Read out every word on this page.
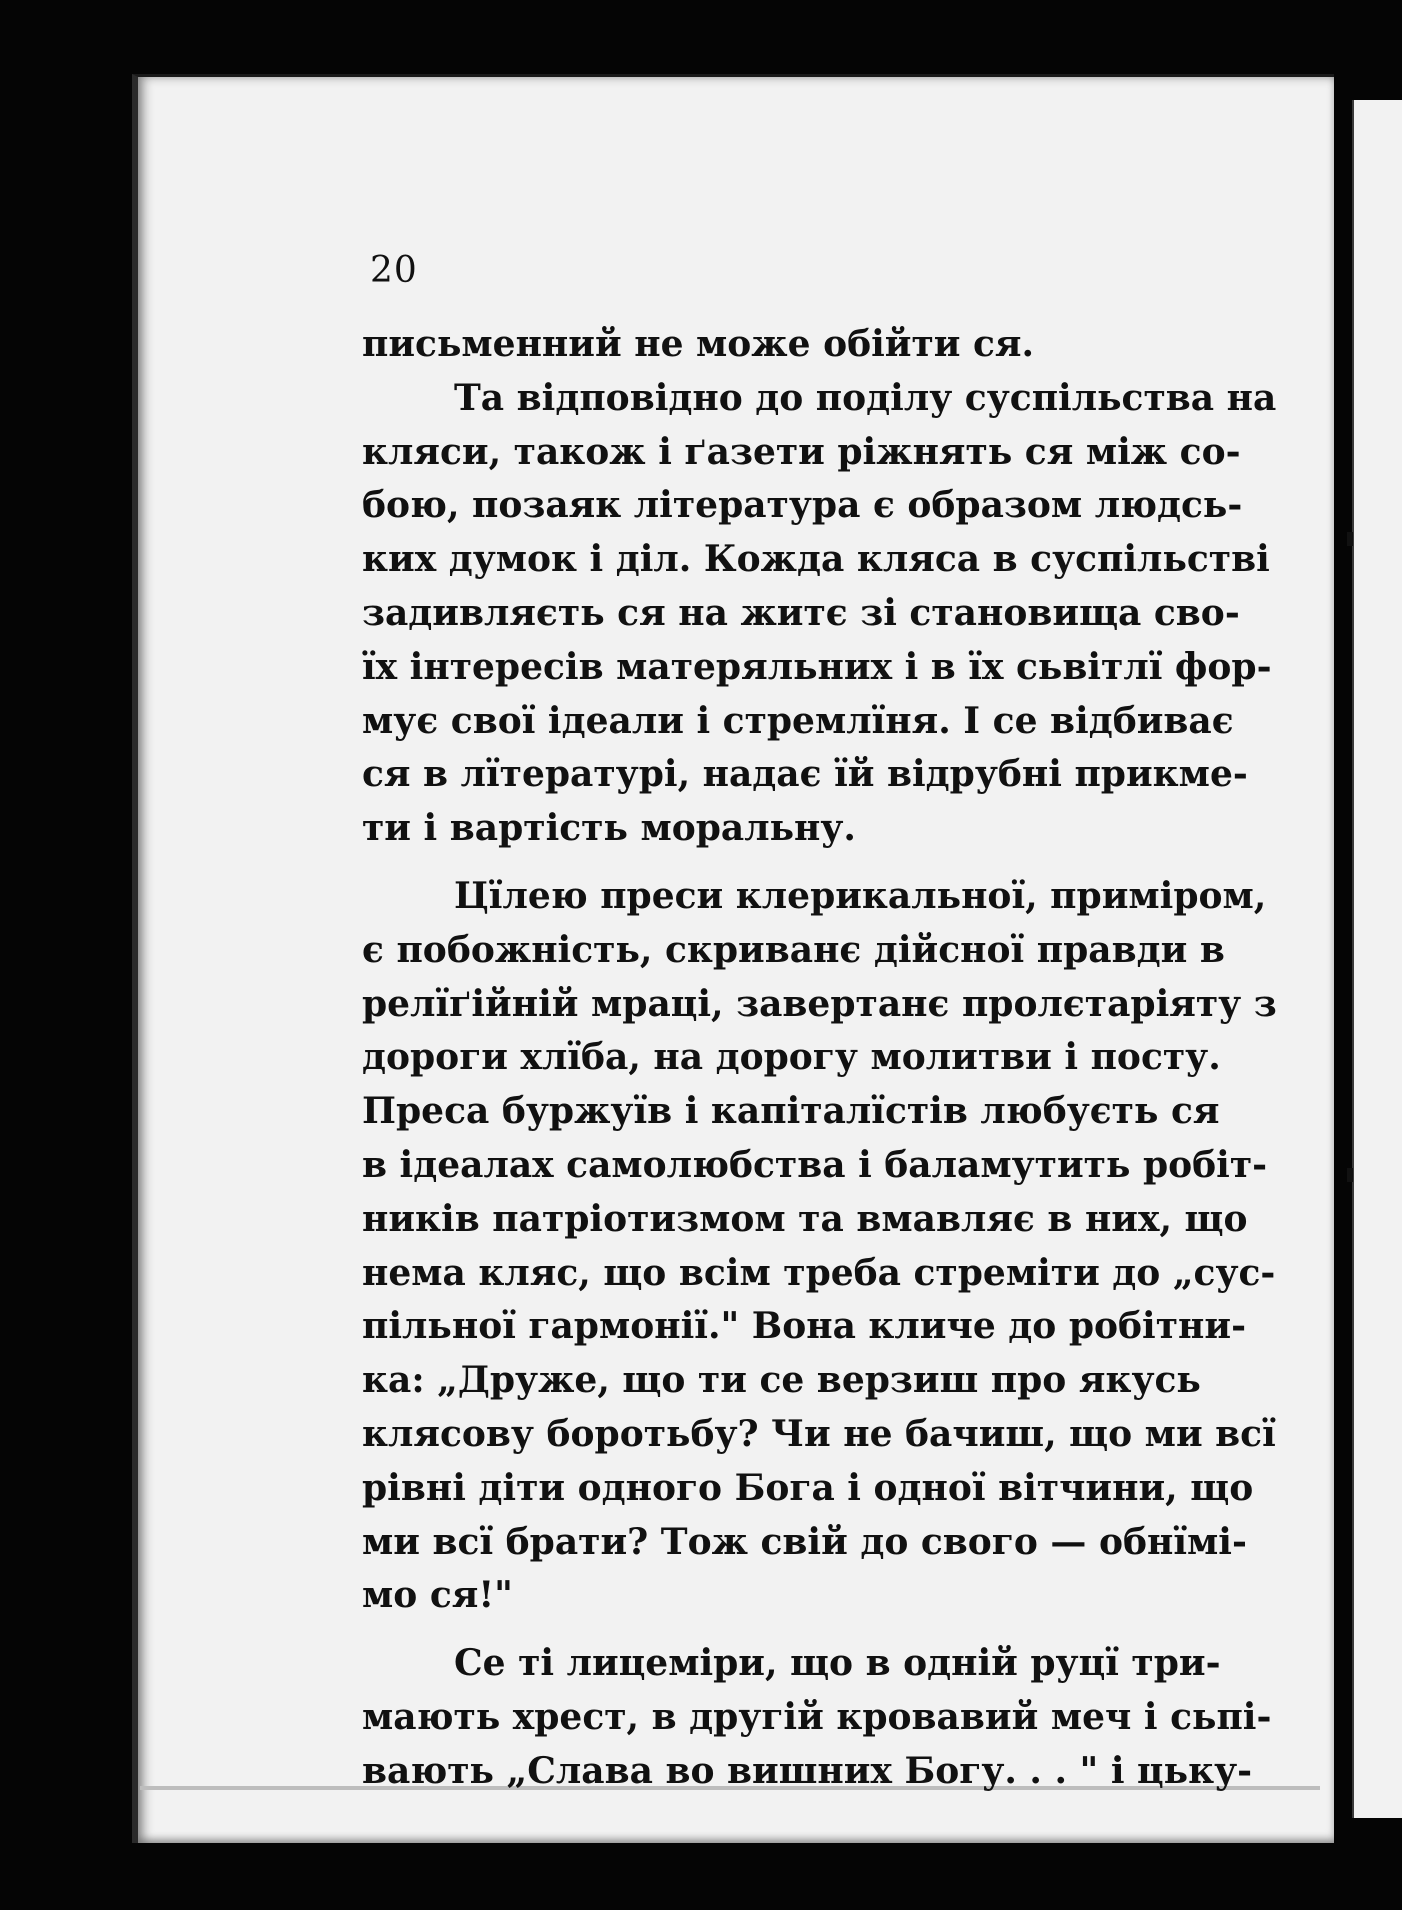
20
письменний не може обійти ся.
Та відповідно до поділу суспільства на
кляси, також і ґазети ріжнять ся між со-
бою, позаяк література є образом людсь-
ких думок і діл. Кожда кляса в суспільстві
задивляєть ся на житє зі становища сво-
їх інтересів матеряльних і в їх сьвітлї фор-
мує свої ідеали і стремлїня. І се відбиває
ся в лїтературі, надає їй відрубні прикме-
ти і вартість моральну.
Цїлею преси клерикальної, приміром,
є побожність, скриванє дійсної правди в
релїґійній мраці, завертанє пролєтаріяту з
дороги хлїба, на дорогу молитви і посту.
Преса буржуїв і капіталїстів любуєть ся
в ідеалах самолюбства і баламутить робіт-
ників патріотизмом та вмавляє в них, що
нема кляс, що всім треба стреміти до „сус-
пільної гармонії." Вона кличе до робітни-
ка: „Друже, що ти се верзиш про якусь
клясову боротьбу? Чи не бачиш, що ми всї
рівні діти одного Бога і одної вітчини, що
ми всї брати? Тож свій до свого — обнїмі-
мо ся!"
Се ті лицеміри, що в одній руцї три-
мають хрест, в другій кровавий меч і сьпі-
вають „Слава во вишних Богу. . . " і цьку-
